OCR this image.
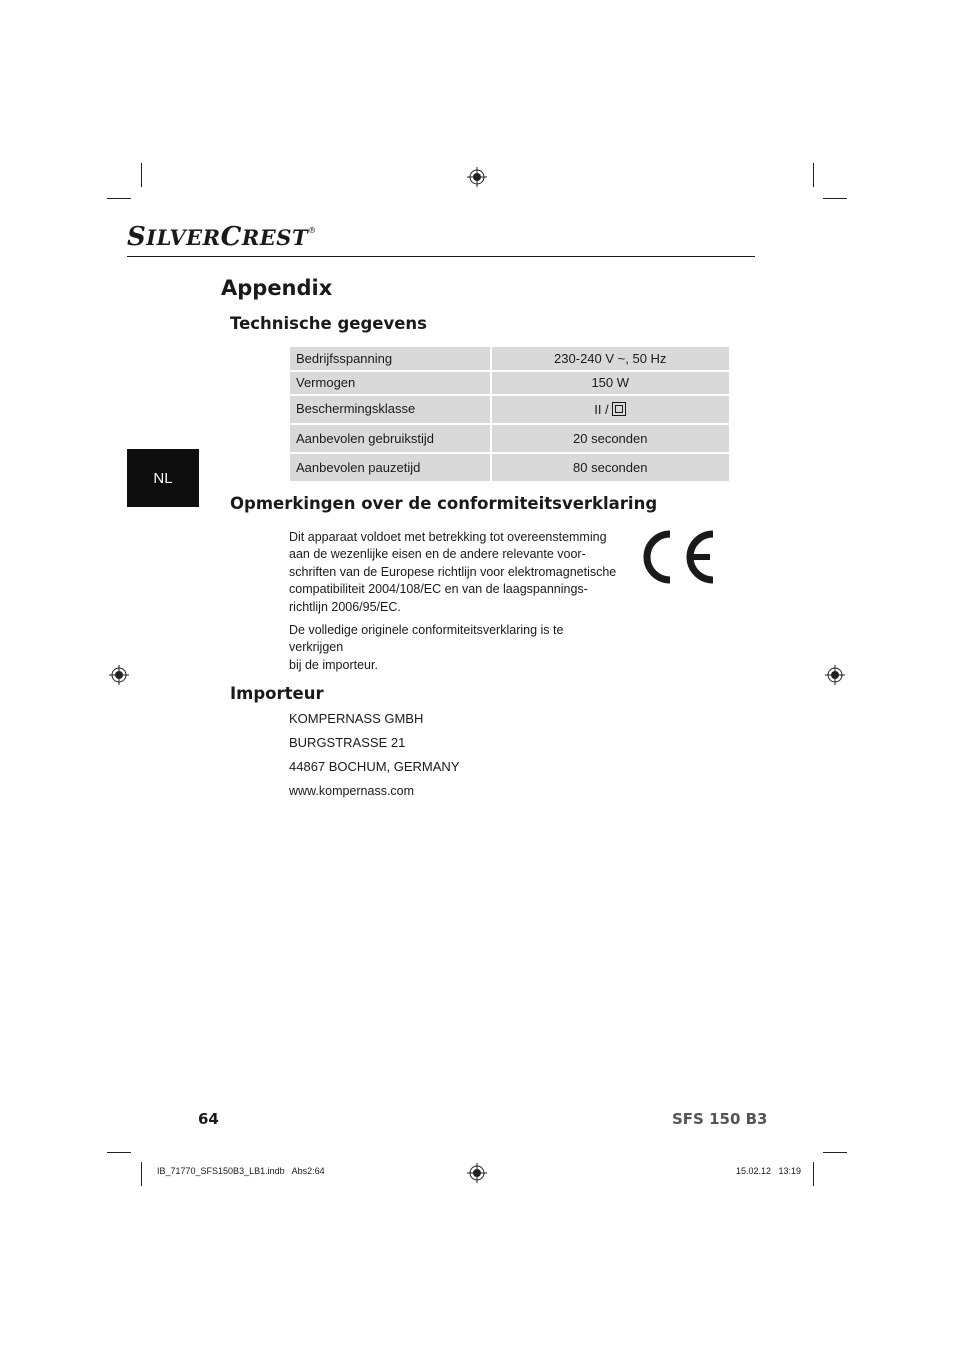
SILVERCREST®
Appendix
Technische gegevens
NL
Bedrijfsspanning	230-240 V ~, 50 Hz
Vermogen	150 W
Beschermingsklasse	II /
Aanbevolen gebruikstijd	20 seconden
Aanbevolen pauzetijd	80 seconden
Opmerkingen over de conformiteitsverklaring
Dit apparaat voldoet met betrekking tot overeenstemming
aan de wezenlijke eisen en de andere relevante voor-
schriften van de Europese richtlijn voor elektromagnetische
compatibiliteit 2004/108/EC en van de laagspannings-
richtlijn 2006/95/EC.
De volledige originele conformiteitsverklaring is te verkrijgen
bij de importeur.
Importeur
KOMPERNASS GMBH
BURGSTRASSE 21
44867 BOCHUM, GERMANY
www.kompernass.com
64	SFS 150 B3
IB_71770_SFS150B3_LB1.indb   Abs2:64	15.02.12   13:19
